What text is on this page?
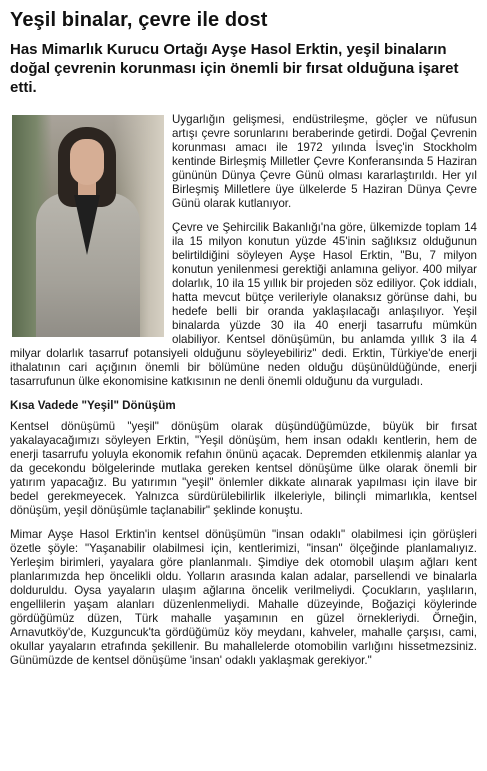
Yeşil binalar, çevre ile dost

Has Mimarlık Kurucu Ortağı Ayşe Hasol Erktin, yeşil binaların doğal çevrenin korunması için önemli bir fırsat olduğuna işaret etti.

Uygarlığın gelişmesi, endüstrileşme, göçler ve nüfusun artışı çevre sorunlarını beraberinde getirdi. Doğal Çevrenin korunması amacı ile 1972 yılında İsveç'in Stockholm kentinde Birleşmiş Milletler Çevre Konferansında 5 Haziran gününün Dünya Çevre Günü olması kararlaştırıldı. Her yıl Birleşmiş Milletlere üye ülkelerde 5 Haziran Dünya Çevre Günü olarak kutlanıyor.

Çevre ve Şehircilik Bakanlığı'na göre, ülkemizde toplam 14 ila 15 milyon konutun yüzde 45'inin sağlıksız olduğunun belirtildiğini söyleyen Ayşe Hasol Erktin, "Bu, 7 milyon konutun yenilenmesi gerektiği anlamına geliyor. 400 milyar dolarlık, 10 ila 15 yıllık bir projeden söz ediliyor. Çok iddialı, hatta mevcut bütçe verileriyle olanaksız görünse dahi, bu hedefe belli bir oranda yaklaşılacağı anlaşılıyor. Yeşil binalarda yüzde 30 ila 40 enerji tasarrufu mümkün olabiliyor. Kentsel dönüşümün, bu anlamda yıllık 3 ila 4 milyar dolarlık tasarruf potansiyeli olduğunu söyleyebiliriz" dedi. Erktin, Türkiye'de enerji ithalatının cari açığının önemli bir bölümüne neden olduğu düşünüldüğünde, enerji tasarrufunun ülke ekonomisine katkısının ne denli önemli olduğunu da vurguladı.

Kısa Vadede "Yeşil" Dönüşüm

Kentsel dönüşümü "yeşil" dönüşüm olarak düşündüğümüzde, büyük bir fırsat yakalayacağımızı söyleyen Erktin, "Yeşil dönüşüm, hem insan odaklı kentlerin, hem de enerji tasarrufu yoluyla ekonomik refahın önünü açacak. Depremden etkilenmiş alanlar ya da gecekondu bölgelerinde mutlaka gereken kentsel dönüşüme ülke olarak önemli bir yatırım yapacağız. Bu yatırımın "yeşil" önlemler dikkate alınarak yapılması için ilave bir bedel gerekmeyecek. Yalnızca sürdürülebilirlik ilkeleriyle, bilinçli mimarlıkla, kentsel dönüşüm, yeşil dönüşümle taçlanabilir" şeklinde konuştu.

Mimar Ayşe Hasol Erktin'in kentsel dönüşümün "insan odaklı" olabilmesi için görüşleri özetle şöyle: "Yaşanabilir olabilmesi için, kentlerimizi, "insan" ölçeğinde planlamalıyız. Yerleşim birimleri, yayalara göre planlanmalı. Şimdiye dek otomobil ulaşım ağları kent planlarımızda hep öncelikli oldu. Yolların arasında kalan adalar, parsellendi ve binalarla dolduruldu. Oysa yayaların ulaşım ağlarına öncelik verilmeliydi. Çocukların, yaşlıların, engellilerin yaşam alanları düzenlenmeliydi. Mahalle düzeyinde, Boğaziçi köylerinde gördüğümüz düzen, Türk mahalle yaşamının en güzel örnekleriydi. Örneğin, Arnavutköy'de, Kuzguncuk'ta gördüğümüz köy meydanı, kahveler, mahalle çarşısı, cami, okullar yayaların etrafında şekillenir. Bu mahallelerde otomobilin varlığını hissetmezsiniz. Günümüzde de kentsel dönüşüme 'insan' odaklı yaklaşmak gerekiyor."
